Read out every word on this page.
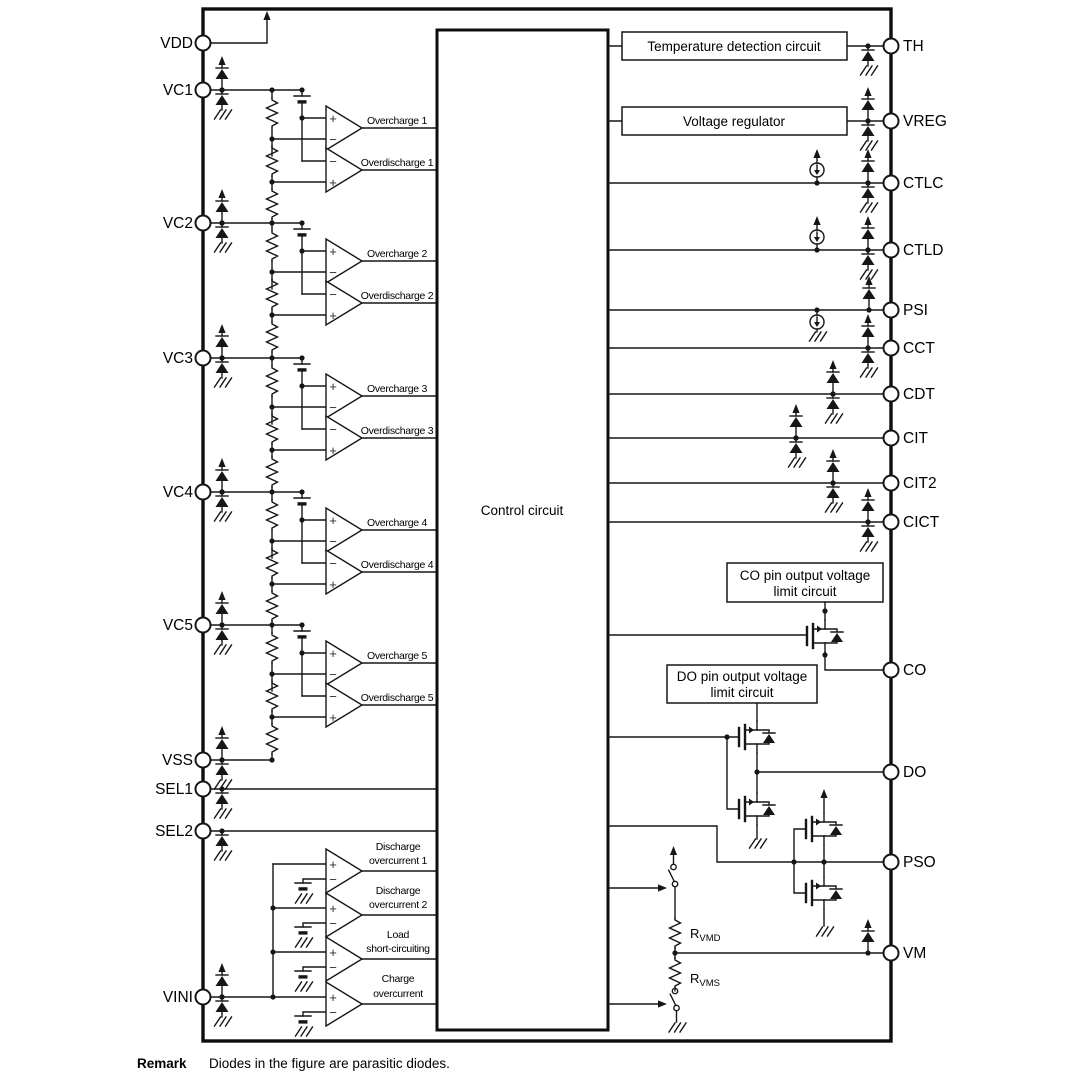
+
−
−
+
Overcharge 1
Overdischarge 1
+
−
−
+
Overcharge 2
Overdischarge 2
+
−
−
+
Overcharge 3
Overdischarge 3
+
−
−
+
Overcharge 4
Overdischarge 4
+
−
−
+
Overcharge 5
Overdischarge 5
+
−
+
−
+
−
+
−
Discharge
overcurrent 1
Discharge
overcurrent 2
Load
short-circuiting
Charge
overcurrent
Control circuit
Temperature detection circuit
Voltage regulator
CO pin output voltage
limit circuit
DO pin output voltage
limit circuit
$R_{VMD}$
$R_{VMS}$
VDD
VC1
VC2
VC3
VC4
VC5
VSS
SEL1
SEL2
VINI
TH
VREG
CTLC
CTLD
PSI
CCT
CDT
CIT
CIT2
CICT
CO
DO
PSO
VM
Remark Diodes in the figure are parasitic diodes.
